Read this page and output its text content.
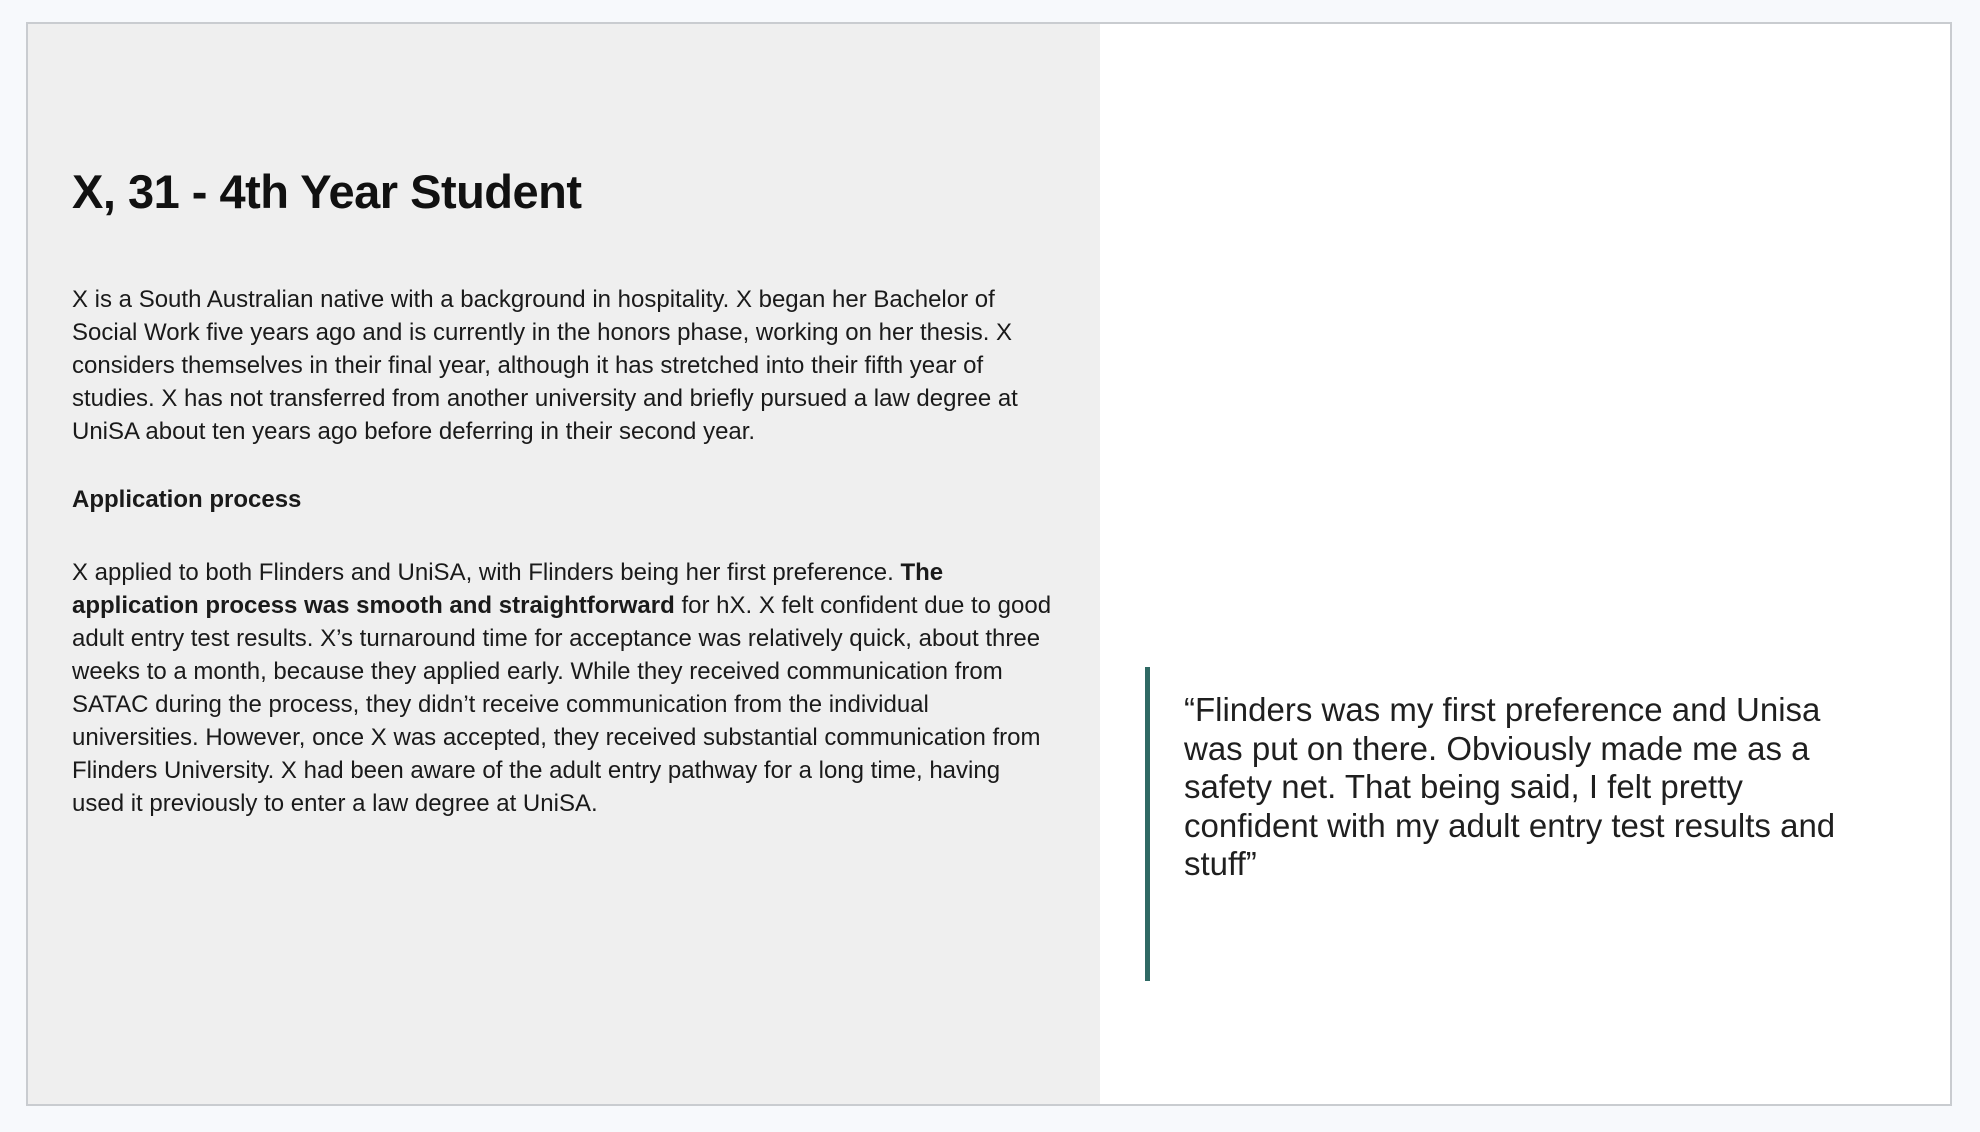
X, 31 - 4th Year Student

X is a South Australian native with a background in hospitality. X began her Bachelor of Social Work five years ago and is currently in the honors phase, working on her thesis. X considers themselves in their final year, although it has stretched into their fifth year of studies. X has not transferred from another university and briefly pursued a law degree at UniSA about ten years ago before deferring in their second year.

Application process

X applied to both Flinders and UniSA, with Flinders being her first preference. The application process was smooth and straightforward for hX. X felt confident due to good adult entry test results. X’s turnaround time for acceptance was relatively quick, about three weeks to a month, because they applied early. While they received communication from SATAC during the process, they didn’t receive communication from the individual universities. However, once X was accepted, they received substantial communication from Flinders University. X had been aware of the adult entry pathway for a long time, having used it previously to enter a law degree at UniSA.

“Flinders was my first preference and Unisa was put on there. Obviously made me as a safety net. That being said, I felt pretty confident with my adult entry test results and stuff”
